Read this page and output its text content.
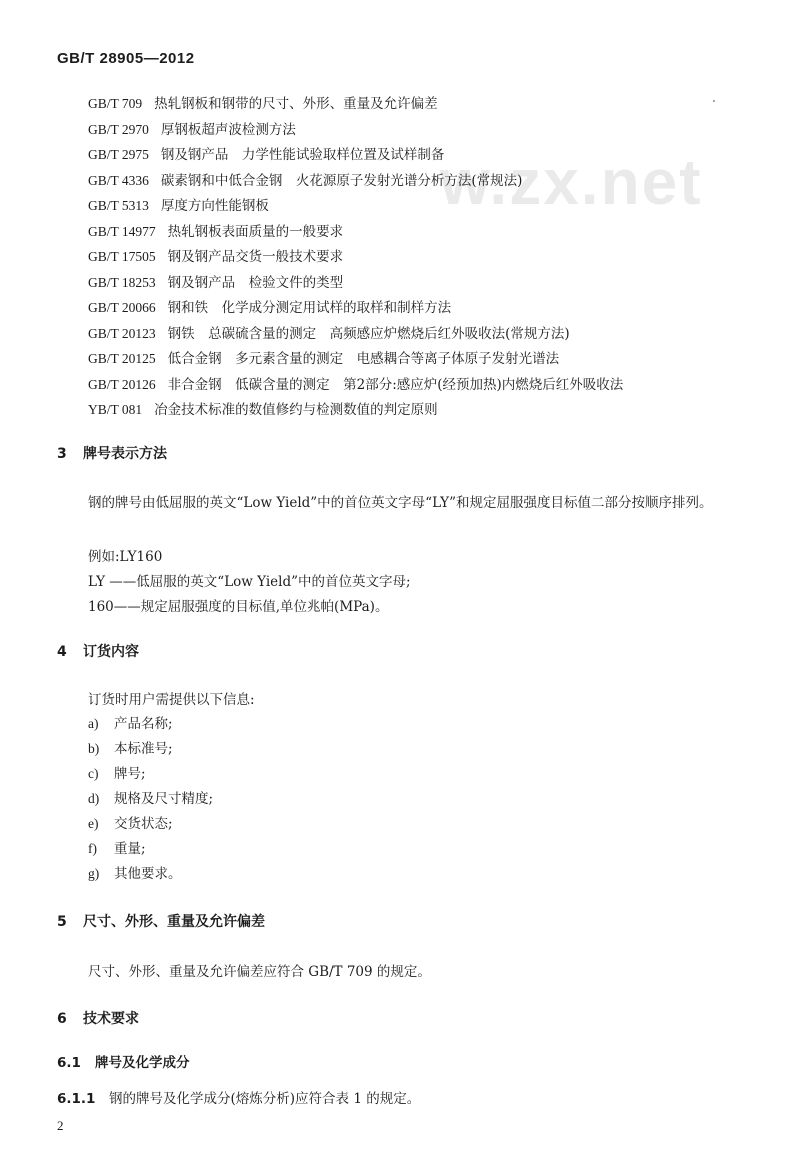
w.zx.net
GB/T 28905—2012
GB/T 709 热轧钢板和钢带的尺寸、外形、重量及允许偏差
GB/T 2970 厚钢板超声波检测方法
GB/T 2975 钢及钢产品　力学性能试验取样位置及试样制备
GB/T 4336 碳素钢和中低合金钢　火花源原子发射光谱分析方法(常规法)
GB/T 5313 厚度方向性能钢板
GB/T 14977 热轧钢板表面质量的一般要求
GB/T 17505 钢及钢产品交货一般技术要求
GB/T 18253 钢及钢产品　检验文件的类型
GB/T 20066 钢和铁　化学成分测定用试样的取样和制样方法
GB/T 20123 钢铁　总碳硫含量的测定　高频感应炉燃烧后红外吸收法(常规方法)
GB/T 20125 低合金钢　多元素含量的测定　电感耦合等离子体原子发射光谱法
GB/T 20126 非合金钢　低碳含量的测定　第2部分:感应炉(经预加热)内燃烧后红外吸收法
YB/T 081 冶金技术标准的数值修约与检测数值的判定原则
3 牌号表示方法
钢的牌号由低屈服的英文“Low Yield”中的首位英文字母“LY”和规定屈服强度目标值二部分按顺序排列。
例如:LY160
LY ——低屈服的英文“Low Yield”中的首位英文字母;
160——规定屈服强度的目标值,单位兆帕(MPa)。
4 订货内容
订货时用户需提供以下信息:
a) 产品名称;
b) 本标准号;
c) 牌号;
d) 规格及尺寸精度;
e) 交货状态;
f) 重量;
g) 其他要求。
5 尺寸、外形、重量及允许偏差
尺寸、外形、重量及允许偏差应符合 GB/T 709 的规定。
6 技术要求
6.1 牌号及化学成分
6.1.1 钢的牌号及化学成分(熔炼分析)应符合表 1 的规定。
2
